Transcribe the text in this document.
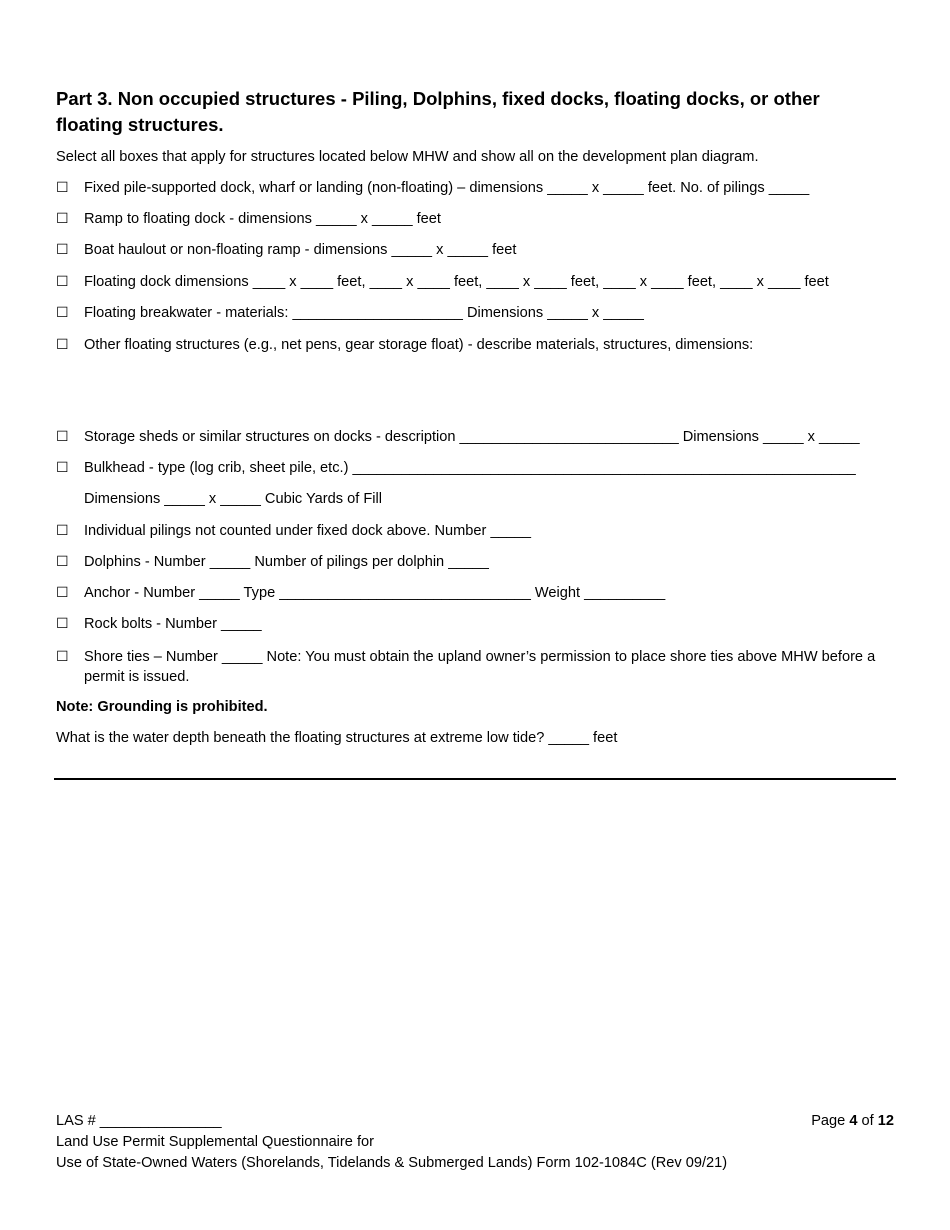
Part 3. Non occupied structures - Piling, Dolphins, fixed docks, floating docks, or other floating structures.
Select all boxes that apply for structures located below MHW and show all on the development plan diagram.
☐	Fixed pile-supported dock, wharf or landing (non-floating) – dimensions _____ x _____ feet. No. of pilings _____
☐	Ramp to floating dock - dimensions _____ x _____ feet
☐	Boat haulout or non-floating ramp - dimensions _____ x _____ feet
☐	Floating dock dimensions ____ x ____ feet, ____ x ____ feet, ____ x ____ feet, ____ x ____ feet, ____ x ____ feet
☐	Floating breakwater - materials: _____________________ Dimensions _____ x _____
☐	Other floating structures (e.g., net pens, gear storage float) - describe materials, structures, dimensions:
☐	Storage sheds or similar structures on docks - description ___________________________ Dimensions _____ x _____
☐	Bulkhead - type (log crib, sheet pile, etc.) ______________________________________________________________
Dimensions _____ x _____ Cubic Yards of Fill
☐	Individual pilings not counted under fixed dock above. Number _____
☐	Dolphins - Number _____ Number of pilings per dolphin _____
☐	Anchor - Number _____ Type _______________________________ Weight __________
☐	Rock bolts - Number _____
☐	Shore ties – Number _____ Note: You must obtain the upland owner’s permission to place shore ties above MHW before a permit is issued.
Note: Grounding is prohibited.
What is the water depth beneath the floating structures at extreme low tide? _____ feet
LAS # _______________	Page 4 of 12
Land Use Permit Supplemental Questionnaire for
Use of State-Owned Waters (Shorelands, Tidelands & Submerged Lands) Form 102-1084C (Rev 09/21)
